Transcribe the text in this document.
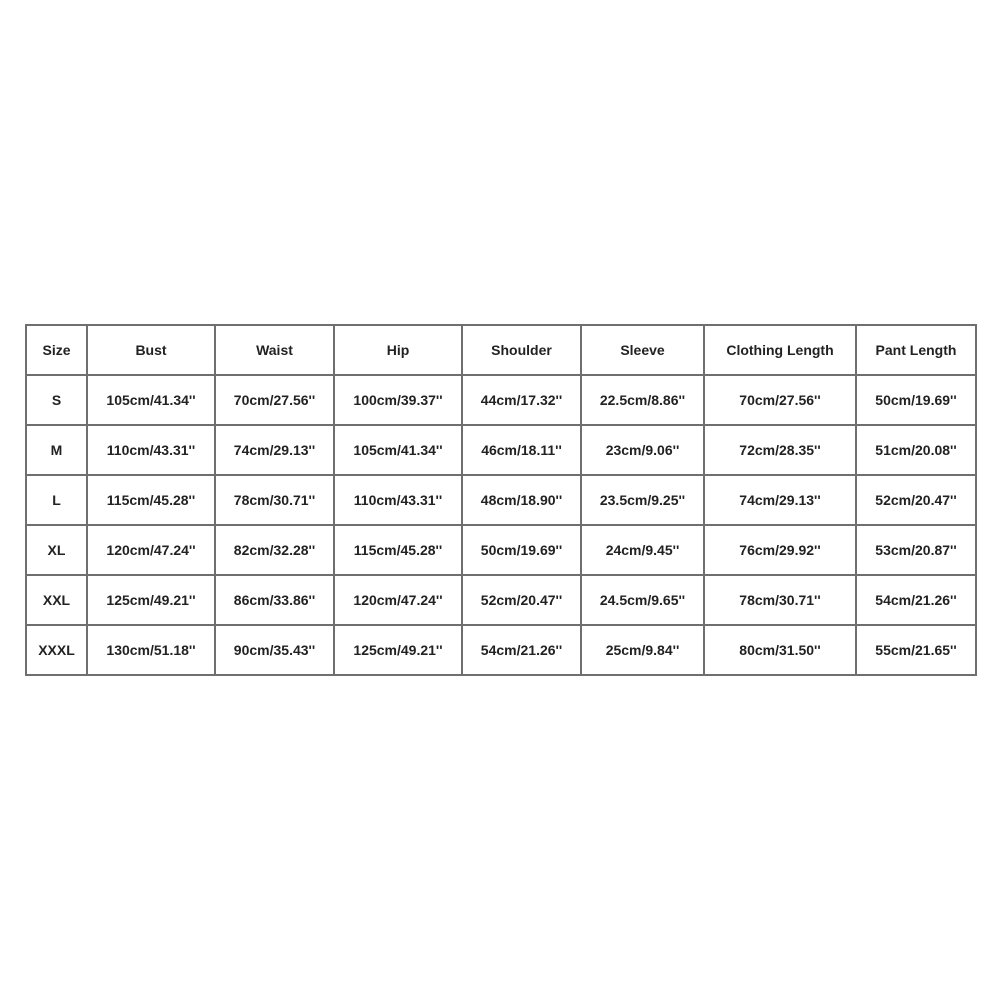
Size	Bust	Waist	Hip	Shoulder	Sleeve	Clothing Length	Pant Length
S	105cm/41.34''	70cm/27.56''	100cm/39.37''	44cm/17.32''	22.5cm/8.86''	70cm/27.56''	50cm/19.69''
M	110cm/43.31''	74cm/29.13''	105cm/41.34''	46cm/18.11''	23cm/9.06''	72cm/28.35''	51cm/20.08''
L	115cm/45.28''	78cm/30.71''	110cm/43.31''	48cm/18.90''	23.5cm/9.25''	74cm/29.13''	52cm/20.47''
XL	120cm/47.24''	82cm/32.28''	115cm/45.28''	50cm/19.69''	24cm/9.45''	76cm/29.92''	53cm/20.87''
XXL	125cm/49.21''	86cm/33.86''	120cm/47.24''	52cm/20.47''	24.5cm/9.65''	78cm/30.71''	54cm/21.26''
XXXL	130cm/51.18''	90cm/35.43''	125cm/49.21''	54cm/21.26''	25cm/9.84''	80cm/31.50''	55cm/21.65''
